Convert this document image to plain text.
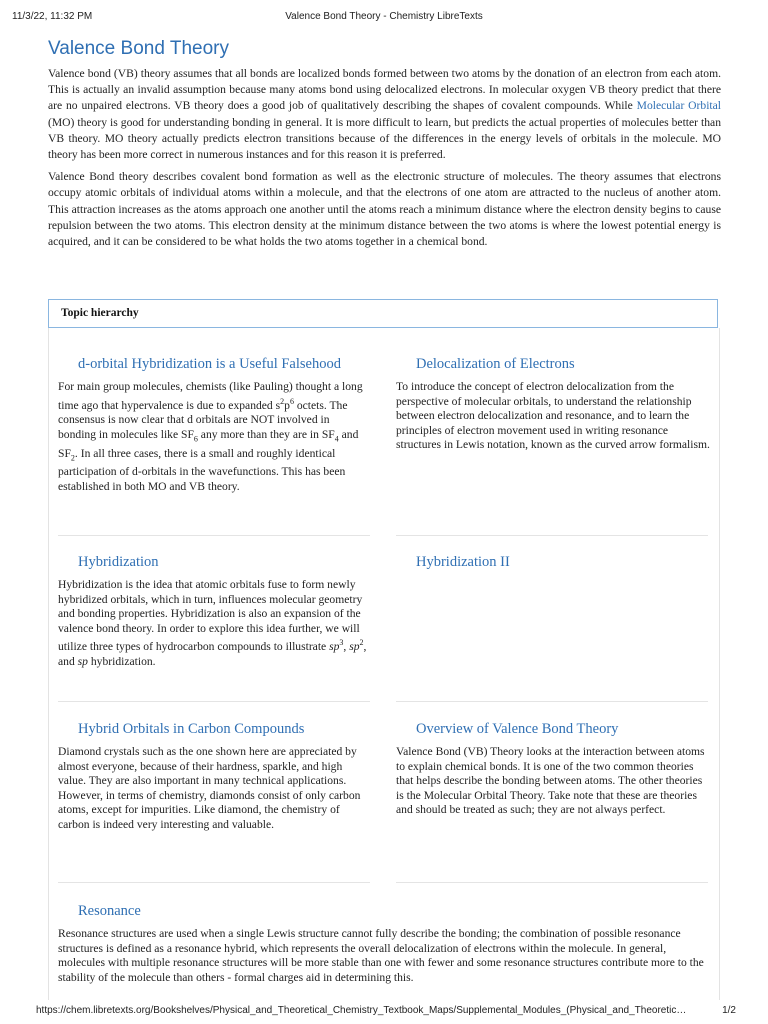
11/3/22, 11:32 PM	Valence Bond Theory - Chemistry LibreTexts
Valence Bond Theory

Valence bond (VB) theory assumes that all bonds are localized bonds formed between two atoms by the donation of an electron from each atom. This is actually an invalid assumption because many atoms bond using delocalized electrons. In molecular oxygen VB theory predict that there are no unpaired electrons. VB theory does a good job of qualitatively describing the shapes of covalent compounds. While Molecular Orbital (MO) theory is good for understanding bonding in general. It is more difficult to learn, but predicts the actual properties of molecules better than VB theory. MO theory actually predicts electron transitions because of the differences in the energy levels of orbitals in the molecule. MO theory has been more correct in numerous instances and for this reason it is preferred.

Valence Bond theory describes covalent bond formation as well as the electronic structure of molecules. The theory assumes that electrons occupy atomic orbitals of individual atoms within a molecule, and that the electrons of one atom are attracted to the nucleus of another atom. This attraction increases as the atoms approach one another until the atoms reach a minimum distance where the electron density begins to cause repulsion between the two atoms. This electron density at the minimum distance between the two atoms is where the lowest potential energy is acquired, and it can be considered to be what holds the two atoms together in a chemical bond.

Topic hierarchy
d-orbital Hybridization is a Useful Falsehood

For main group molecules, chemists (like Pauling) thought a long time ago that hypervalence is due to expanded $s^2p^6$ octets. The consensus is now clear that d orbitals are NOT involved in bonding in molecules like $SF_6$ any more than they are in $SF_4$ and $SF_2$. In all three cases, there is a small and roughly identical participation of d-orbitals in the wavefunctions. This has been established in both MO and VB theory.

Delocalization of Electrons

To introduce the concept of electron delocalization from the perspective of molecular orbitals, to understand the relationship between electron delocalization and resonance, and to learn the principles of electron movement used in writing resonance structures in Lewis notation, known as the curved arrow formalism.

Hybridization

Hybridization is the idea that atomic orbitals fuse to form newly hybridized orbitals, which in turn, influences molecular geometry and bonding properties. Hybridization is also an expansion of the valence bond theory. In order to explore this idea further, we will utilize three types of hydrocarbon compounds to illustrate $sp^3$, $sp^2$, and sp hybridization.

Hybridization II
Hybrid Orbitals in Carbon Compounds

Diamond crystals such as the one shown here are appreciated by almost everyone, because of their hardness, sparkle, and high value. They are also important in many technical applications. However, in terms of chemistry, diamonds consist of only carbon atoms, except for impurities. Like diamond, the chemistry of carbon is indeed very interesting and valuable.

Overview of Valence Bond Theory

Valence Bond (VB) Theory looks at the interaction between atoms to explain chemical bonds. It is one of the two common theories that helps describe the bonding between atoms. The other theories is the Molecular Orbital Theory. Take note that these are theories and should be treated as such; they are not always perfect.

Resonance

Resonance structures are used when a single Lewis structure cannot fully describe the bonding; the combination of possible resonance structures is defined as a resonance hybrid, which represents the overall delocalization of electrons within the molecule. In general, molecules with multiple resonance structures will be more stable than one with fewer and some resonance structures contribute more to the stability of the molecule than others - formal charges aid in determining this.

https://chem.libretexts.org/Bookshelves/Physical_and_Theoretical_Chemistry_Textbook_Maps/Supplemental_Modules_(Physical_and_Theoretic…	1/2
